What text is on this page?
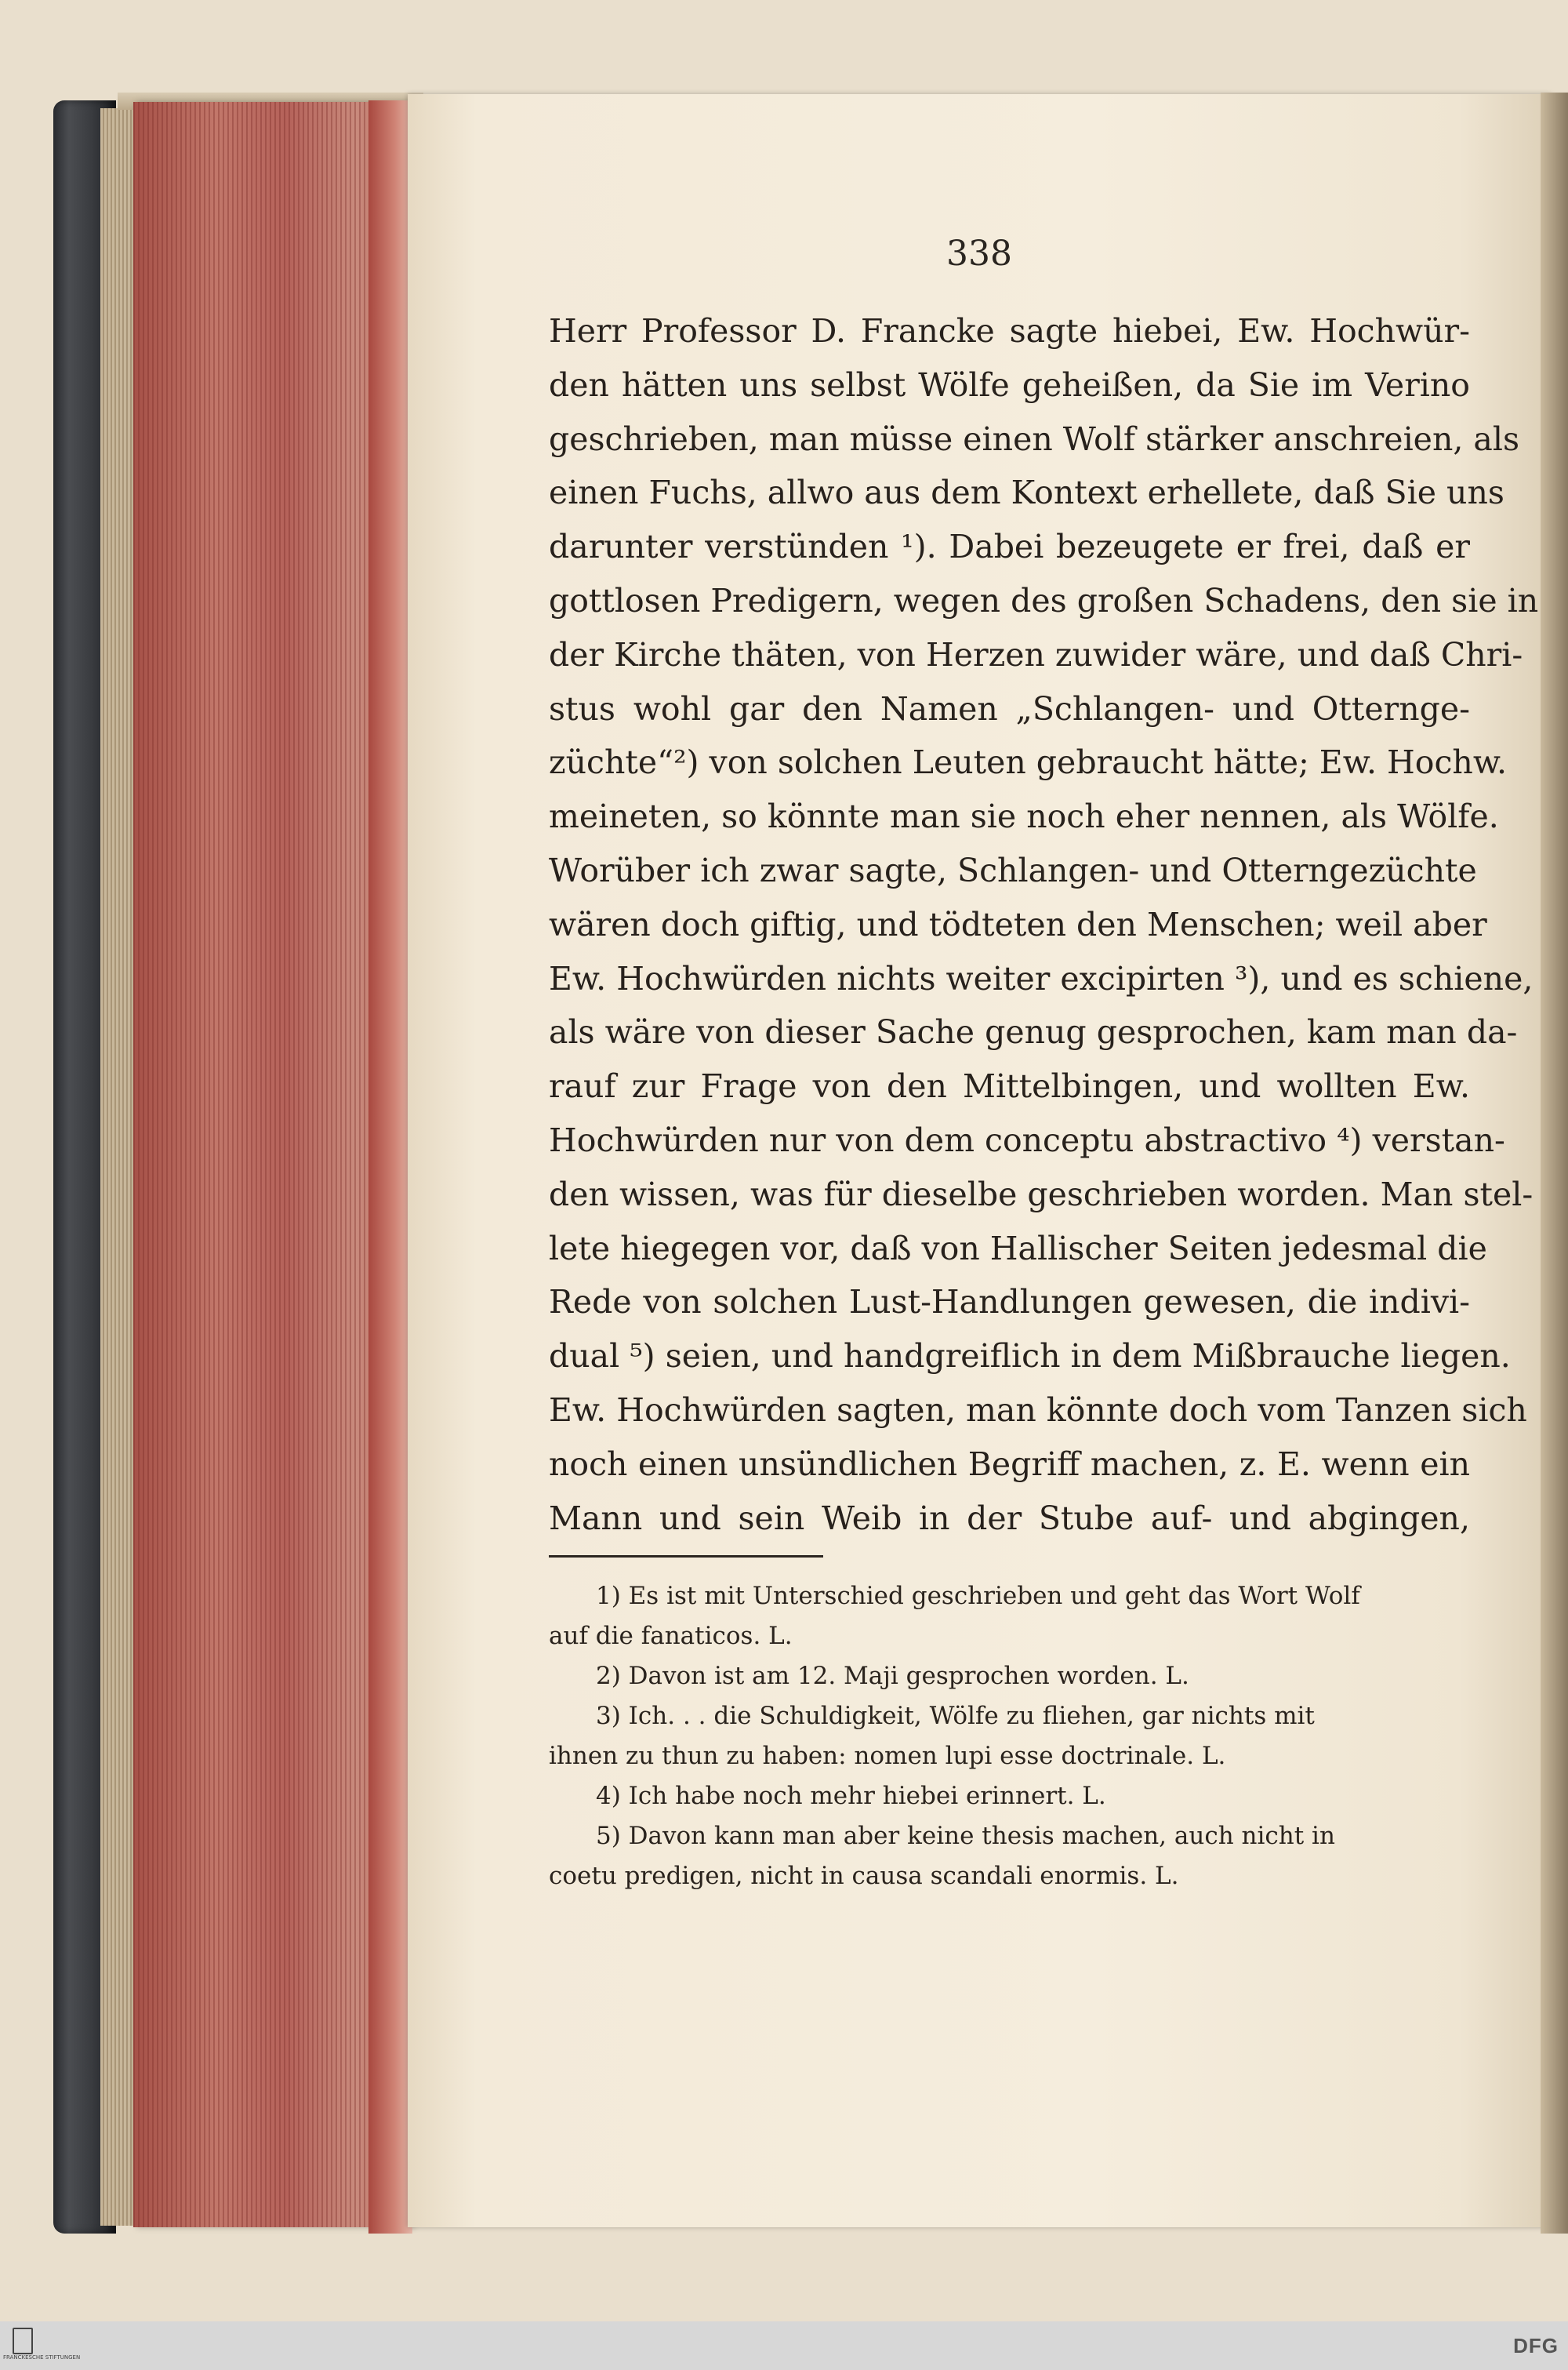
338
Herr Professor D. Francke sagte hiebei, Ew. Hochwür-
den hätten uns selbst Wölfe geheißen, da Sie im Verino
geschrieben, man müsse einen Wolf stärker anschreien, als
einen Fuchs, allwo aus dem Kontext erhellete, daß Sie uns
darunter verstünden ¹). Dabei bezeugete er frei, daß er
gottlosen Predigern, wegen des großen Schadens, den sie in
der Kirche thäten, von Herzen zuwider wäre, und daß Chri-
stus wohl gar den Namen „Schlangen- und Otternge-
züchte“²) von solchen Leuten gebraucht hätte; Ew. Hochw.
meineten, so könnte man sie noch eher nennen, als Wölfe.
Worüber ich zwar sagte, Schlangen- und Otterngezüchte
wären doch giftig, und tödteten den Menschen; weil aber
Ew. Hochwürden nichts weiter excipirten ³), und es schiene,
als wäre von dieser Sache genug gesprochen, kam man da-
rauf zur Frage von den Mittelbingen, und wollten Ew.
Hochwürden nur von dem conceptu abstractivo ⁴) verstan-
den wissen, was für dieselbe geschrieben worden. Man stel-
lete hiegegen vor, daß von Hallischer Seiten jedesmal die
Rede von solchen Lust-Handlungen gewesen, die indivi-
dual ⁵) seien, und handgreiflich in dem Mißbrauche liegen.
Ew. Hochwürden sagten, man könnte doch vom Tanzen sich
noch einen unsündlichen Begriff machen, z. E. wenn ein
Mann und sein Weib in der Stube auf- und abgingen,
1) Es ist mit Unterschied geschrieben und geht das Wort Wolf
auf die fanaticos. L.
2) Davon ist am 12. Maji gesprochen worden. L.
3) Ich. . . die Schuldigkeit, Wölfe zu fliehen, gar nichts mit
ihnen zu thun zu haben: nomen lupi esse doctrinale. L.
4) Ich habe noch mehr hiebei erinnert. L.
5) Davon kann man aber keine thesis machen, auch nicht in
coetu predigen, nicht in causa scandali enormis. L.
FRANCKESCHE STIFTUNGEN	DFG
